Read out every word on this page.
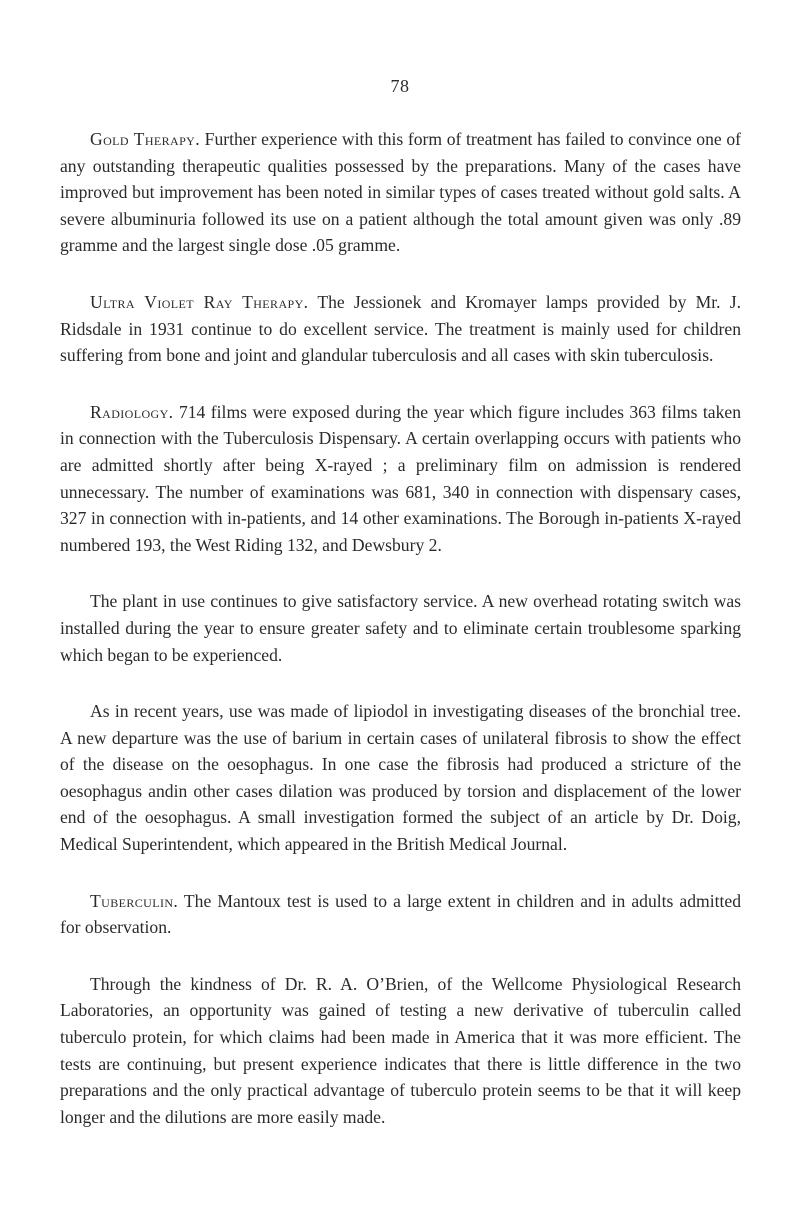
78

Gold Therapy. Further experience with this form of treatment has failed to convince one of any outstanding therapeutic qualities possessed by the preparations. Many of the cases have improved but improvement has been noted in similar types of cases treated without gold salts. A severe albuminuria followed its use on a patient although the total amount given was only .89 gramme and the largest single dose .05 gramme.

Ultra Violet Ray Therapy. The Jessionek and Kromayer lamps provided by Mr. J. Ridsdale in 1931 continue to do excellent service. The treatment is mainly used for children suffering from bone and joint and glandular tuberculosis and all cases with skin tuberculosis.

Radiology. 714 films were exposed during the year which figure includes 363 films taken in connection with the Tuberculosis Dispensary. A certain overlapping occurs with patients who are admitted shortly after being X-rayed ; a preliminary film on admission is rendered unnecessary. The number of examinations was 681, 340 in connection with dispensary cases, 327 in connection with in-patients, and 14 other examinations. The Borough in-patients X-rayed numbered 193, the West Riding 132, and Dewsbury 2.

The plant in use continues to give satisfactory service. A new overhead rotating switch was installed during the year to ensure greater safety and to eliminate certain troublesome sparking which began to be experienced.

As in recent years, use was made of lipiodol in investigating diseases of the bronchial tree. A new departure was the use of barium in certain cases of unilateral fibrosis to show the effect of the disease on the oesophagus. In one case the fibrosis had produced a stricture of the oesophagus andin other cases dilation was produced by torsion and displacement of the lower end of the oesophagus. A small investigation formed the subject of an article by Dr. Doig, Medical Superintendent, which appeared in the British Medical Journal.

Tuberculin. The Mantoux test is used to a large extent in children and in adults admitted for observation.

Through the kindness of Dr. R. A. O’Brien, of the Wellcome Physiological Research Laboratories, an opportunity was gained of testing a new derivative of tuberculin called tuberculo protein, for which claims had been made in America that it was more efficient. The tests are continuing, but present experience indicates that there is little difference in the two preparations and the only practical advantage of tuberculo protein seems to be that it will keep longer and the dilutions are more easily made.
